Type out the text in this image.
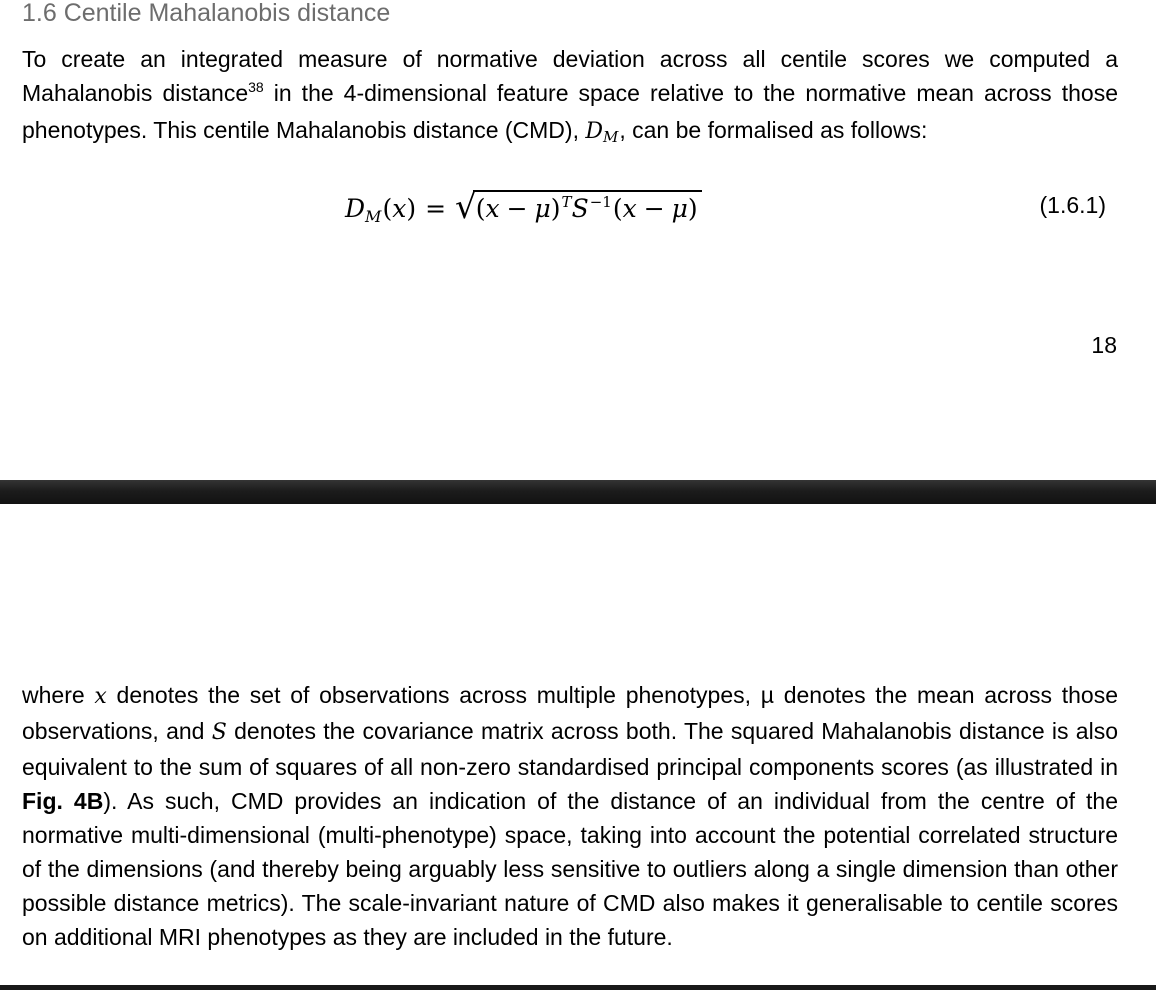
1.6 Centile Mahalanobis distance

To create an integrated measure of normative deviation across all centile scores we computed a Mahalanobis distance$^{38}$ in the 4-dimensional feature space relative to the normative mean across those phenotypes. This centile Mahalanobis distance (CMD), DM, can be formalised as follows:

D M ( x ) = √ $(x - \mu)^TS^{-1}(x - \mu)$	(1.6.1)
18

where x denotes the set of observations across multiple phenotypes, µ denotes the mean across those observations, and S denotes the covariance matrix across both. The squared Mahalanobis distance is also equivalent to the sum of squares of all non-zero standardised principal components scores (as illustrated in Fig. 4B). As such, CMD provides an indication of the distance of an individual from the centre of the normative multi-dimensional (multi-phenotype) space, taking into account the potential correlated structure of the dimensions (and thereby being arguably less sensitive to outliers along a single dimension than other possible distance metrics). The scale-invariant nature of CMD also makes it generalisable to centile scores on additional MRI phenotypes as they are included in the future.
